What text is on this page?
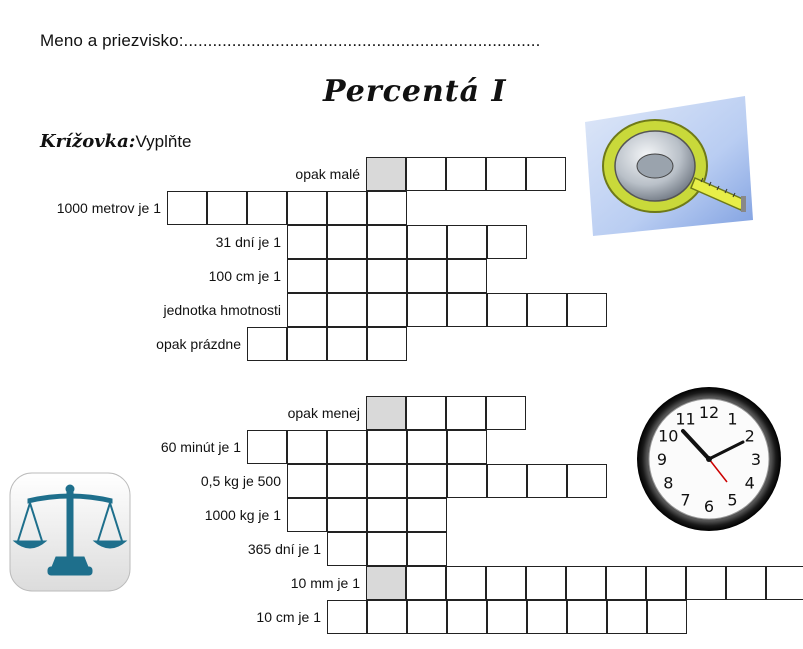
Meno a priezvisko:..........................................................................
Percentá I
Krížovka:Vyplňte
opak malé
1000 metrov je 1
31 dní je 1
100 cm je 1
jednotka hmotnosti
opak prázdne
opak menej
60 minút je 1
0,5 kg je 500
1000 kg je 1
365 dní je 1
10 mm je 1
10 cm je 1
12 1
2
3
4
5
6
7
8
9
10
11
